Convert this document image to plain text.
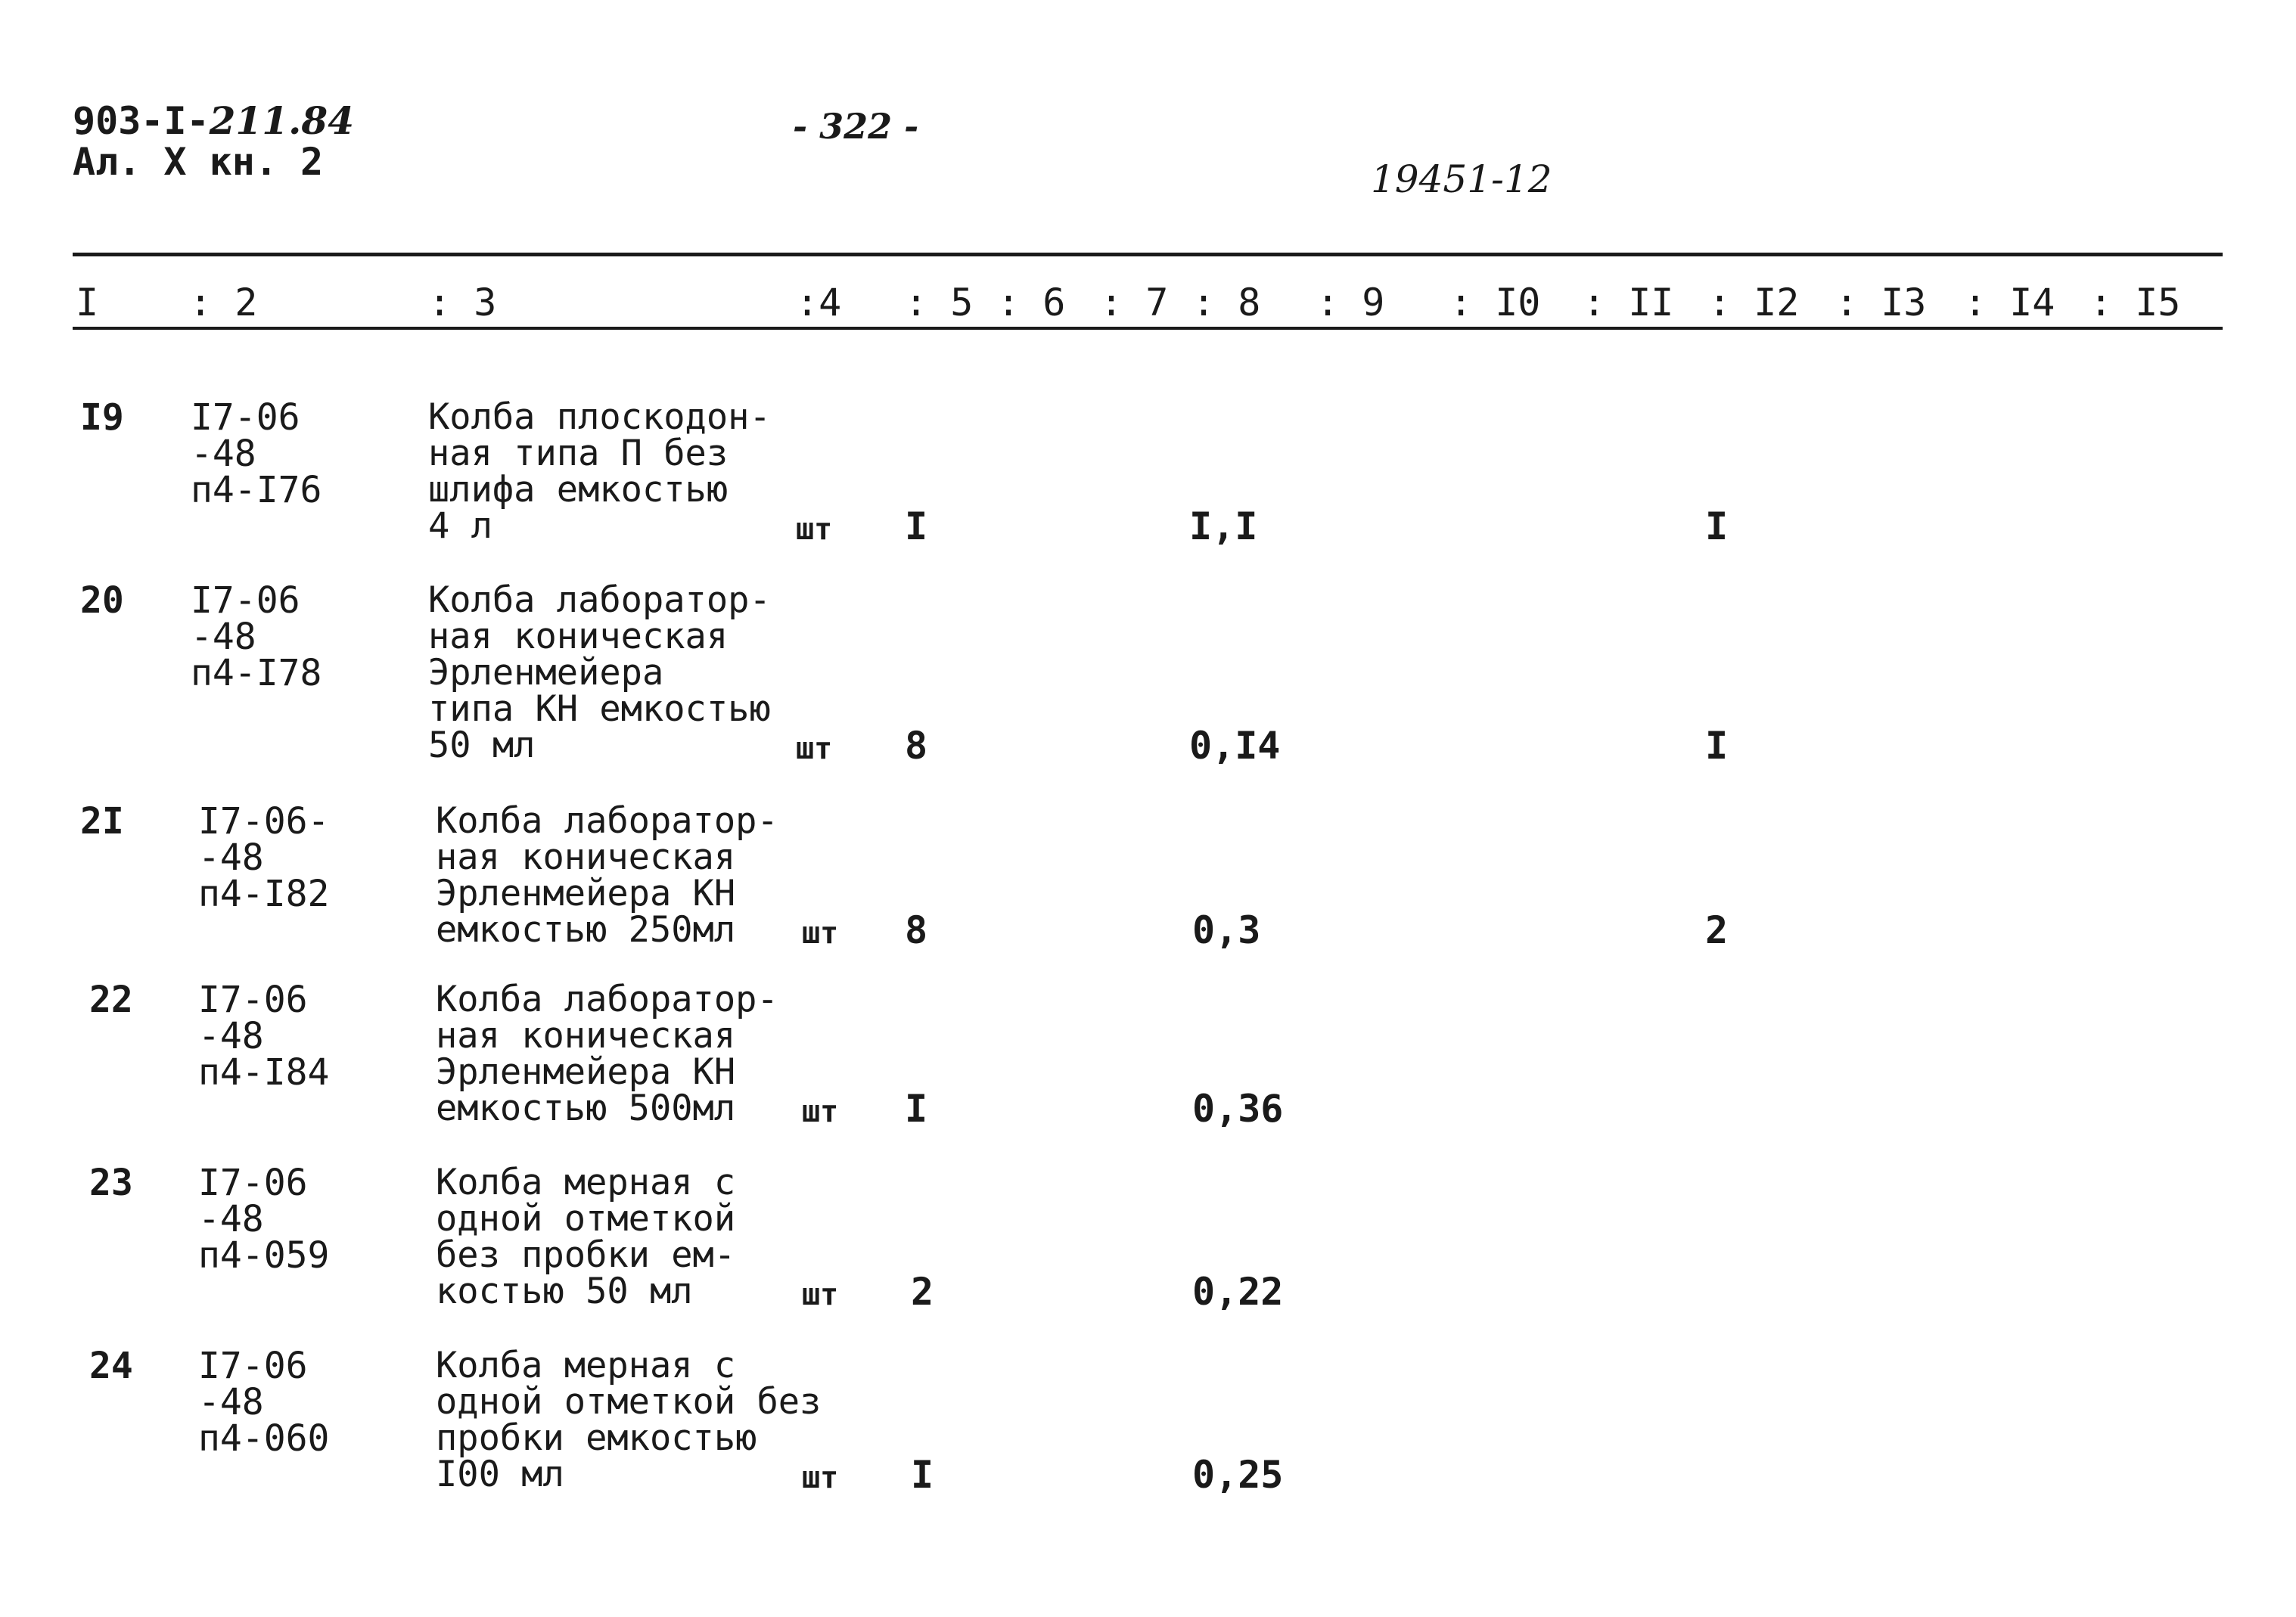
903-I-211.84
Ал. X кн. 2
- 322 -
19451-12
I : 2	: 3	:4 : 5 : 6 : 7 : 8 : 9 : I0 : II : I2 : I3 : I4 : I5
I9 I7-06
-48
п4-I76
Колба плоскодон-
ная типа П без
шлифа емкостью
4 л	шт I	I,I	I
20 I7-06
-48
п4-I78
Колба лаборатор-
ная коническая
Эрленмейера
типа КН емкостью
50 мл	шт 8	0,I4	I
2I I7-06-
-48
п4-I82
Колба лаборатор-
ная коническая
Эрленмейера КН
емкостью 250мл	шт 8	0,3	2
22 I7-06
-48
п4-I84
Колба лаборатор-
ная коническая
Эрленмейера КН
емкостью 500мл	шт I	0,36
23 I7-06
-48
п4-059
Колба мерная с
одной отметкой
без пробки ем-
костью 50 мл	шт 2	0,22
24 I7-06
-48
п4-060
Колба мерная с
одной отметкой без
пробки емкостью
I00 мл	шт I	0,25
